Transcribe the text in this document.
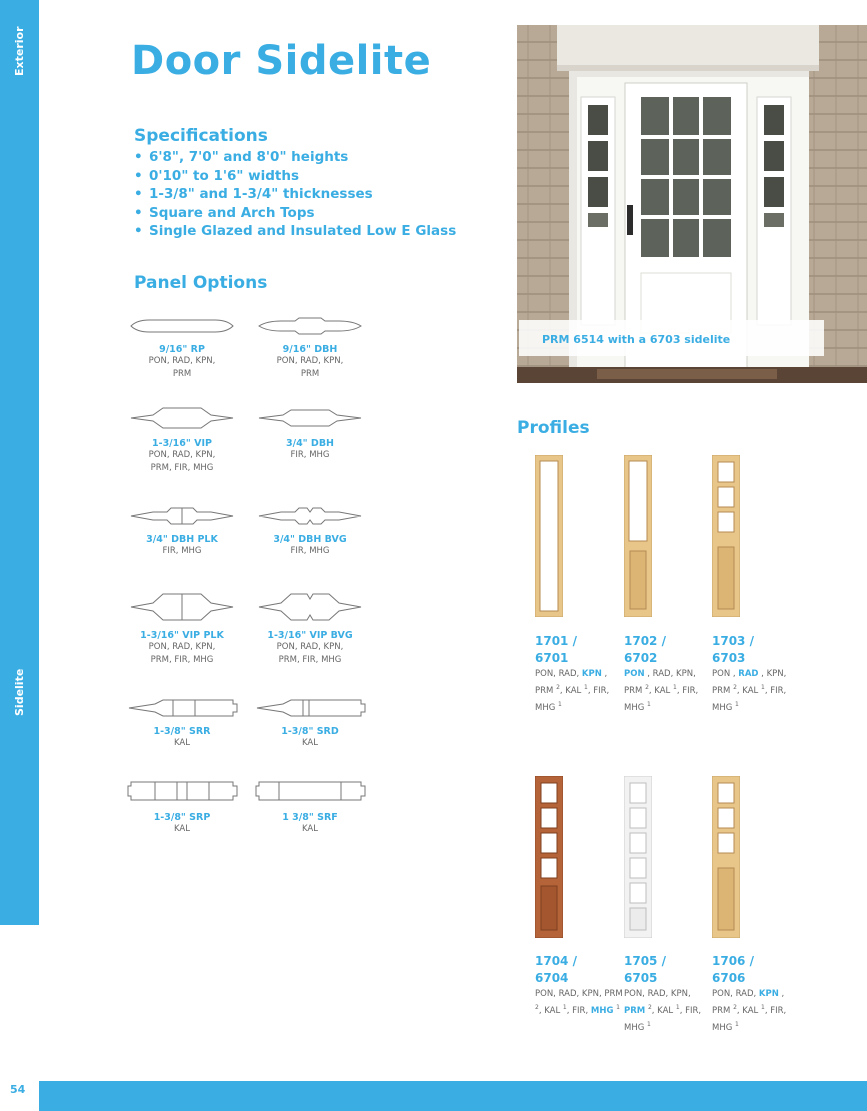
Exterior
Sidelite
54
Door Sidelite
Specifications
• 6'8", 7'0" and 8'0" heights
• 0'10" to 1'6" widths
• 1-3/8" and 1-3/4" thicknesses
• Square and Arch Tops
• Single Glazed and Insulated Low E Glass
Panel Options
9/16" RP
PON, RAD, KPN,
PRM
9/16" DBH
PON, RAD, KPN,
PRM
1-3/16" VIP
PON, RAD, KPN,
PRM, FIR, MHG
3/4" DBH
FIR, MHG
3/4" DBH PLK
FIR, MHG
3/4" DBH BVG
FIR, MHG
1-3/16" VIP PLK
PON, RAD, KPN,
PRM, FIR, MHG
1-3/16" VIP BVG
PON, RAD, KPN,
PRM, FIR, MHG
1-3/8" SRR
KAL
1-3/8" SRD
KAL
1-3/8" SRP
KAL
1 3/8" SRF
KAL
PRM 6514 with a 6703 sidelite
Profiles
1701 /
6701
PON, RAD, KPN , PRM $^2$, KAL $^1$, FIR, MHG $^1$
1702 /
6702
PON , RAD, KPN, PRM $^2$, KAL $^1$, FIR, MHG $^1$
1703 /
6703
PON , RAD , KPN, PRM $^2$, KAL $^1$, FIR, MHG $^1$
1704 /
6704
PON, RAD, KPN, PRM $^2$, KAL $^1$, FIR, MHG $^1$
1705 /
6705
PON, RAD, KPN, PRM $^2$, KAL $^1$, FIR, MHG $^1$
1706 /
6706
PON, RAD, KPN , PRM $^2$, KAL $^1$, FIR, MHG $^1$
